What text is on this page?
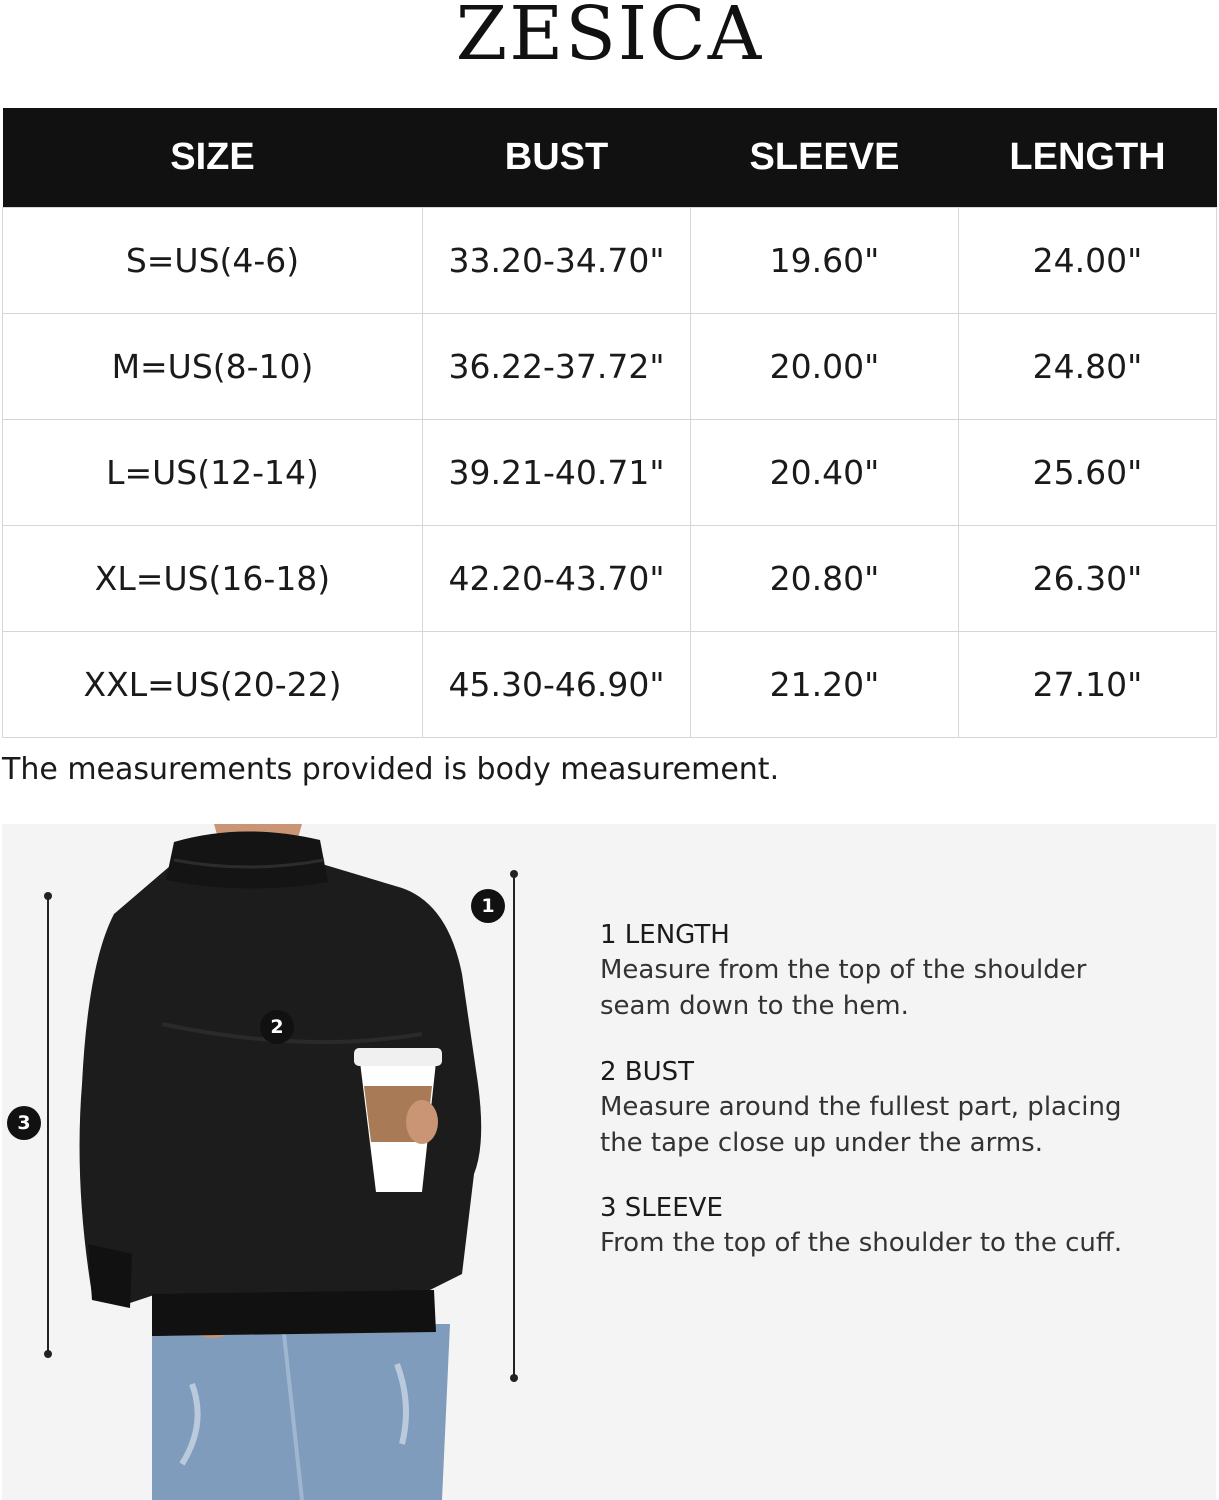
ZESICA
SIZE	BUST	SLEEVE	LENGTH
S=US(4-6)	33.20-34.70"	19.60"	24.00"
M=US(8-10)	36.22-37.72"	20.00"	24.80"
L=US(12-14)	39.21-40.71"	20.40"	25.60"
XL=US(16-18)	42.20-43.70"	20.80"	26.30"
XXL=US(20-22)	45.30-46.90"	21.20"	27.10"
The measurements provided is body measurement.
1
2
3
1 LENGTH
Measure from the top of the shoulder seam down to the hem.
2 BUST
Measure around the fullest part, placing the tape close up under the arms.
3 SLEEVE
From the top of the shoulder to the cuff.
